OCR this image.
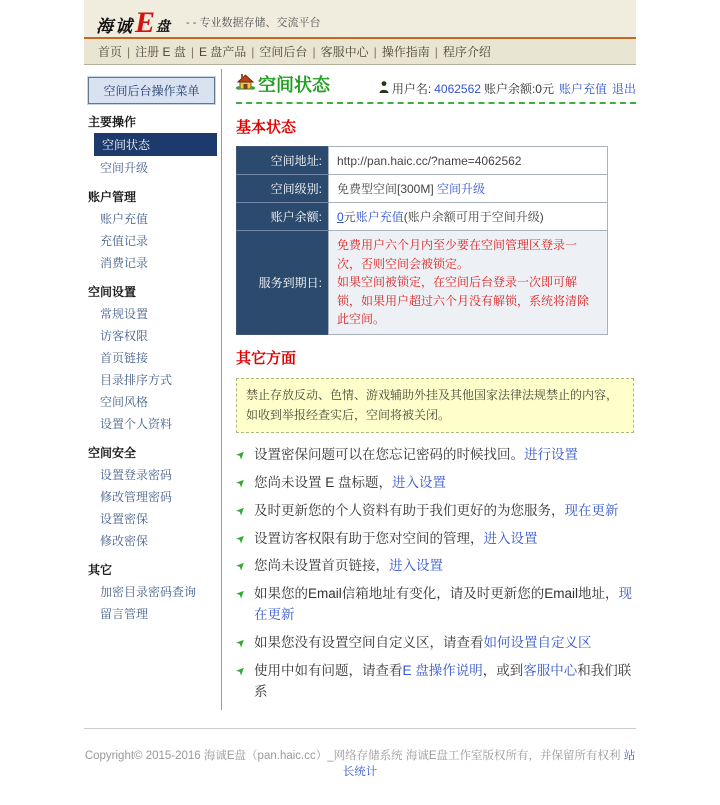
海诚 E 盘 - - 专业数据存储、交流平台
首页 | 注册 E 盘 | E 盘产品 | 空间后台 | 客服中心 | 操作指南 | 程序介绍
空间后台操作菜单
主要操作
空间状态
空间升级
账户管理
账户充值
充值记录
消费记录
空间设置
常规设置
访客权限
首页链接
目录排序方式
空间风格
设置个人资料
空间安全
设置登录密码
修改管理密码
设置密保
修改密保
其它
加密目录密码查询
留言管理
空间状态	用户名: 4062562 账户余额: 0元 账户充值 退出
基本状态
空间地址:	http://pan.haic.cc/?name=4062562
空间级别:	免费型空间[300M] 空间升级
账户余额:	0元账户充值(账户余额可用于空间升级)
服务到期日:	免费用户六个月内至少要在空间管理区登录一次，否则空间会被锁定。
如果空间被锁定，在空间后台登录一次即可解锁，如果用户超过六个月没有解锁，系统将清除此空间。
其它方面
禁止存放反动、色情、游戏辅助外挂及其他国家法律法规禁止的内容，如收到举报经查实后，空间将被关闭。
➤ 设置密保问题可以在您忘记密码的时候找回。进行设置
➤ 您尚未设置 E 盘标题，进入设置
➤ 及时更新您的个人资料有助于我们更好的为您服务，现在更新
➤ 设置访客权限有助于您对空间的管理，进入设置
➤ 您尚未设置首页链接，进入设置
➤ 如果您的Email信箱地址有变化，请及时更新您的Email地址，现在更新
➤ 如果您没有设置空间自定义区，请查看如何设置自定义区
➤ 使用中如有问题，请查看E 盘操作说明，或到客服中心和我们联系
Copyright© 2015-2016 海诚E盘（pan.haic.cc）_网络存储系统 海诚E盘工作室版权所有，并保留所有权利 站长统计
